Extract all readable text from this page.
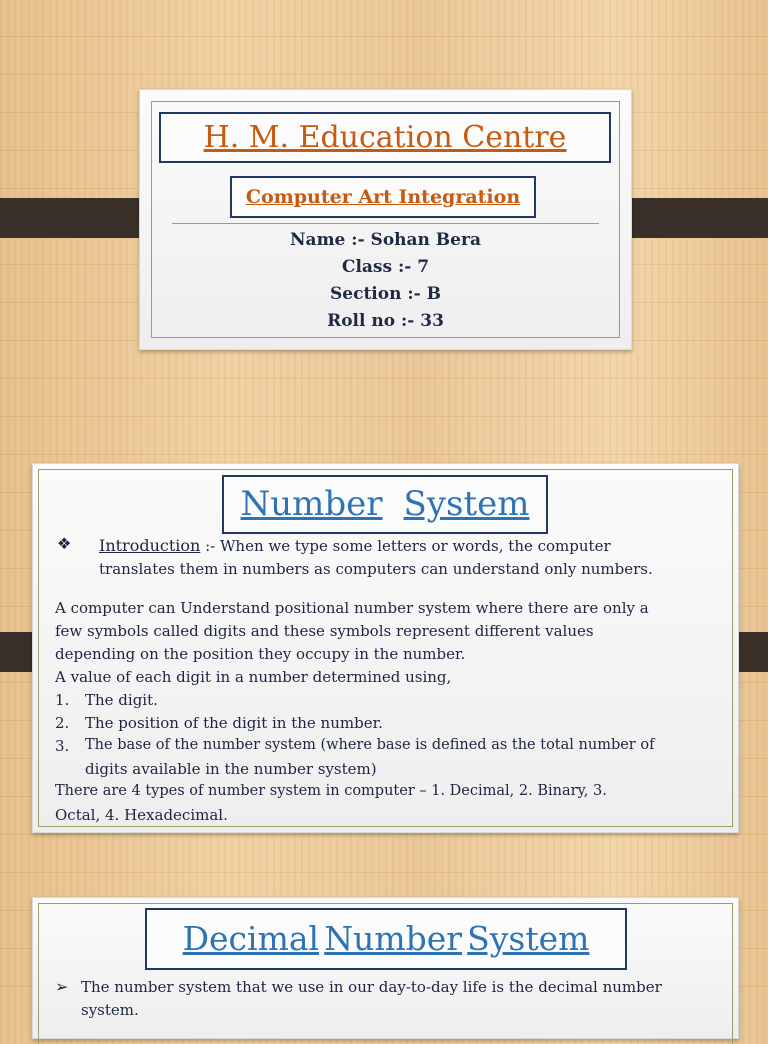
H. M. Education Centre
Computer Art Integration
Name :- Sohan Bera
Class :- 7
Section :- B
Roll no :- 33
Number System
❖ Introduction :- When we type some letters or words, the computer
translates them in numbers as computers can understand only numbers.
A computer can Understand positional number system where there are only a
few symbols called digits and these symbols represent different values
depending on the position they occupy in the number.
A value of each digit in a number determined using,
1. The digit.
2. The position of the digit in the number.
3. The base of the number system (where base is defined as the total number of
digits available in the number system)
There are 4 types of number system in computer – 1. Decimal, 2. Binary, 3.
Octal, 4. Hexadecimal.
Decimal Number System
➢ The number system that we use in our day-to-day life is the decimal number
system.
